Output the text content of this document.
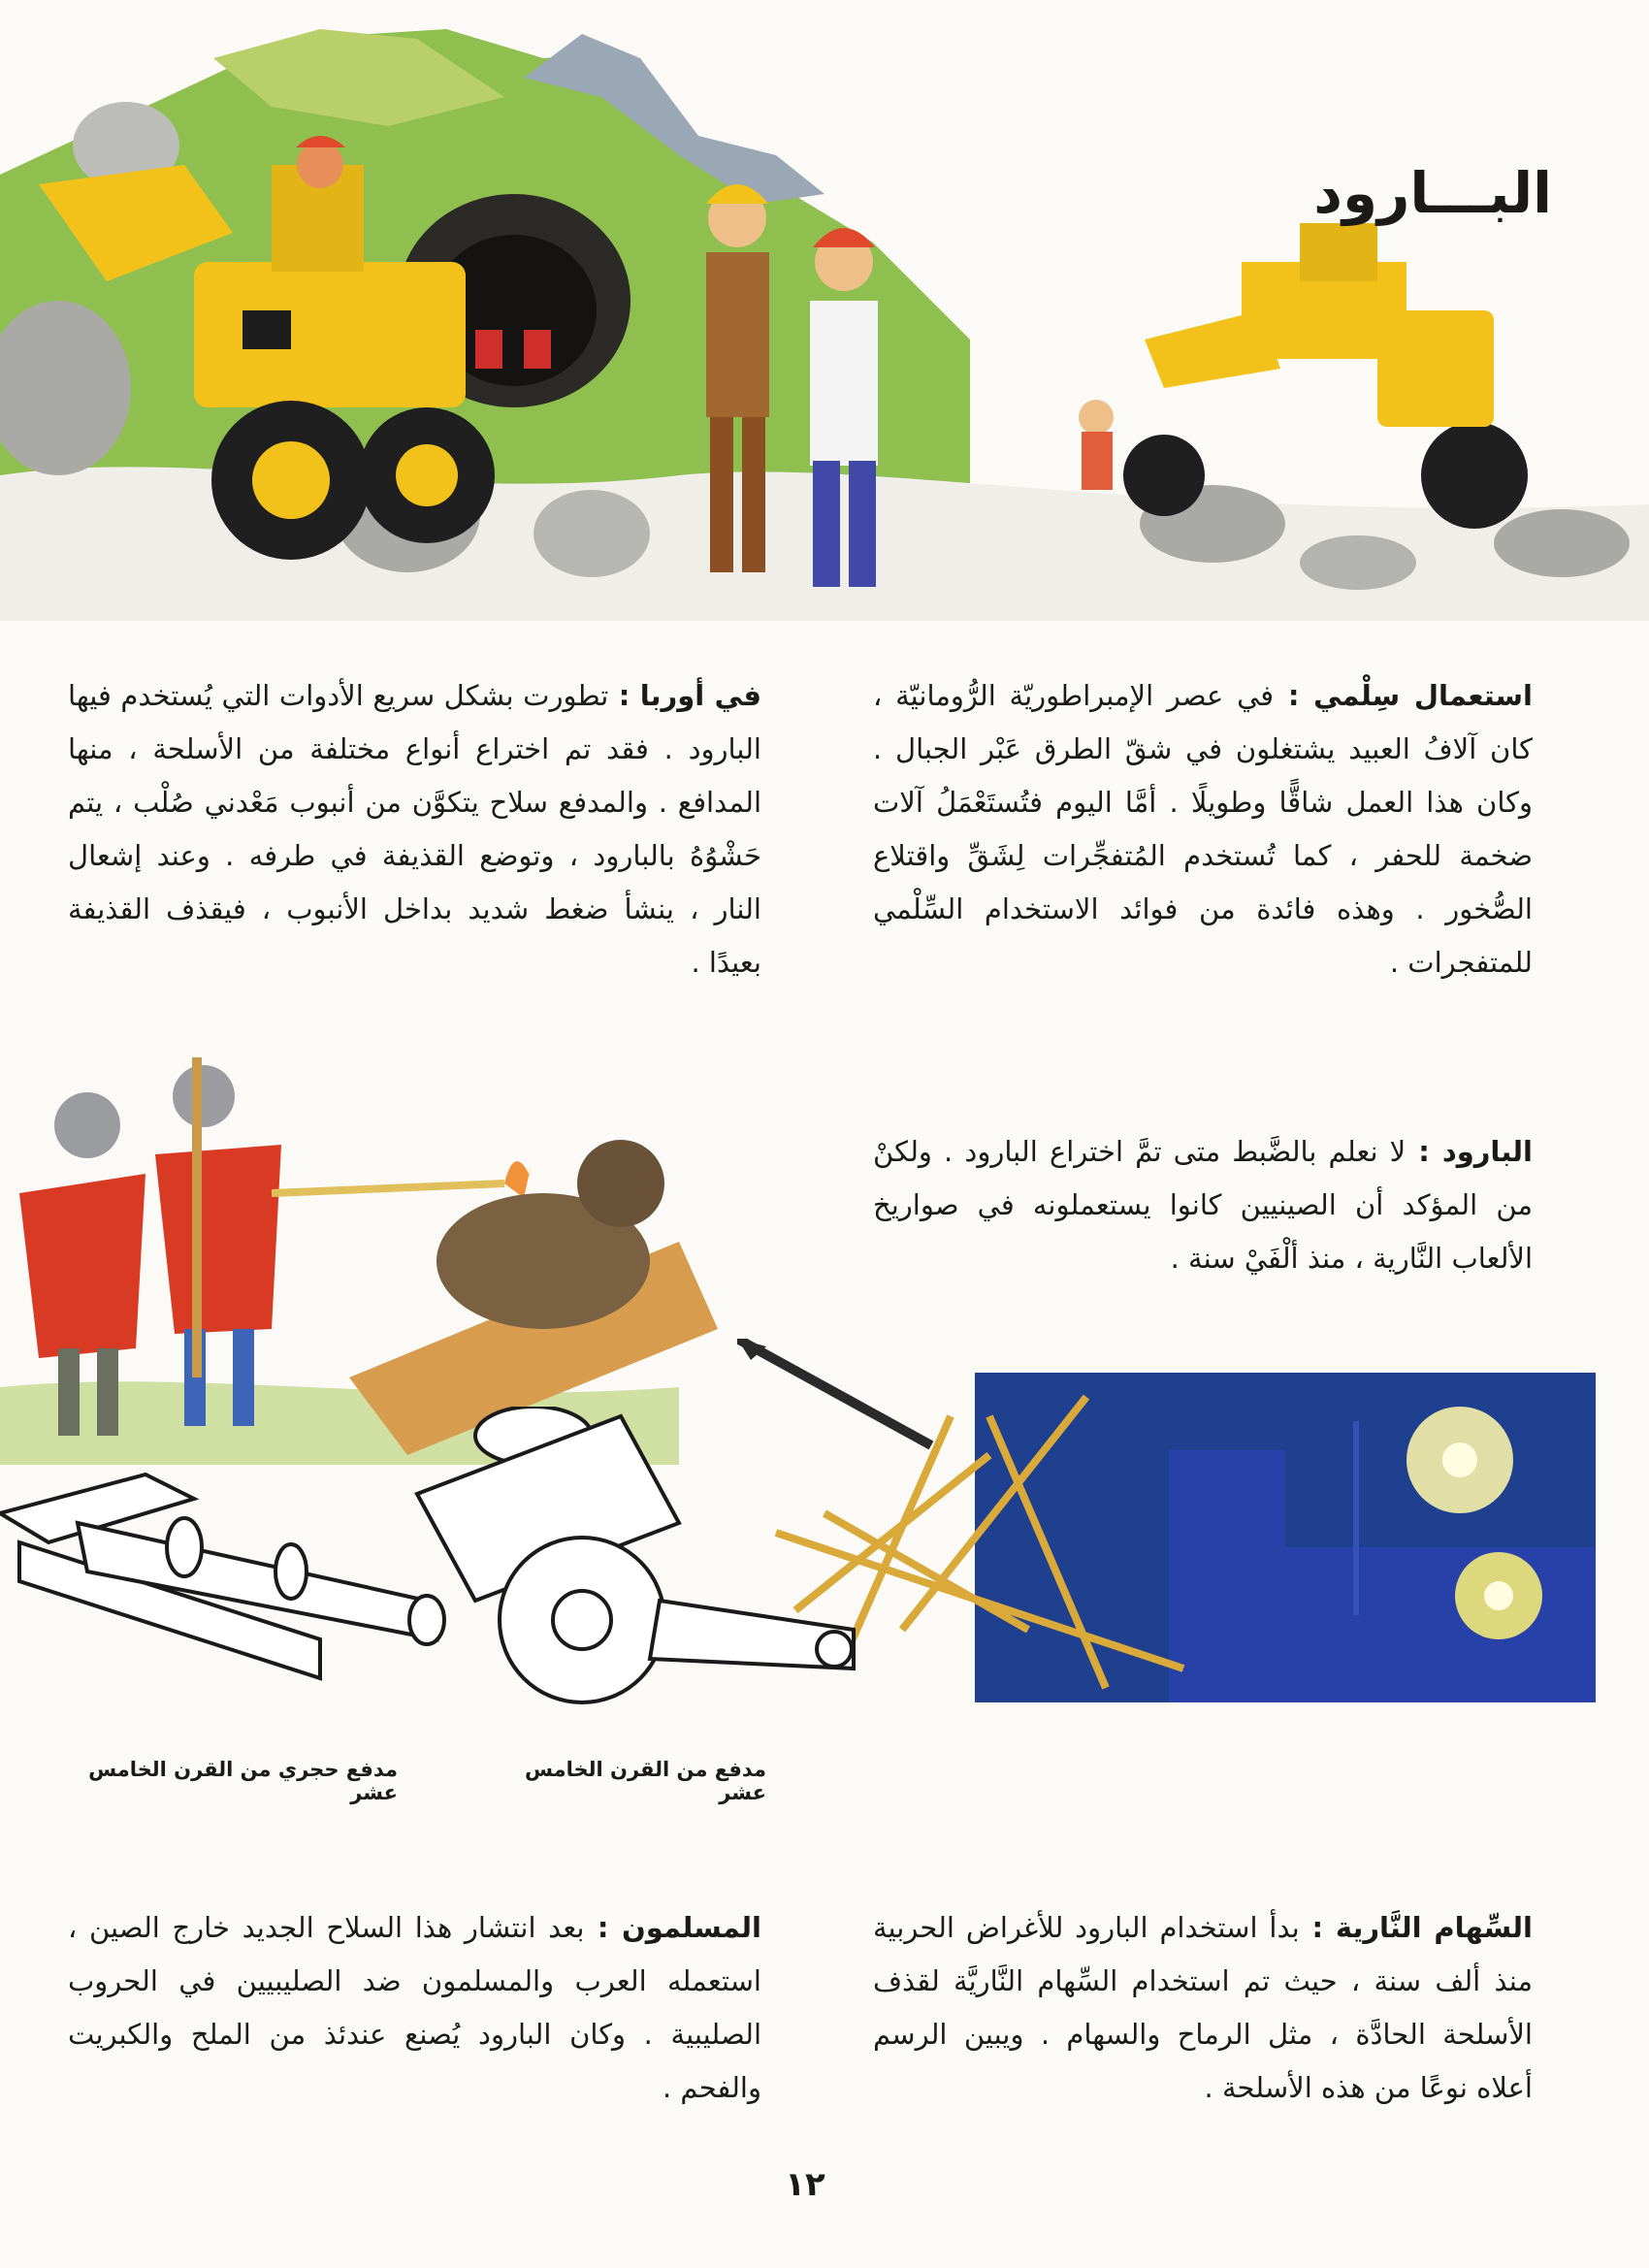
البـــارود

استعمال سِلْمي : في عصر الإمبراطوريّة الرُّومانيّة ، كان آلافُ العبيد يشتغلون في شقّ الطرق عَبْر الجبال . وكان هذا العمل شاقًّا وطويلًا . أمَّا اليوم فتُستَعْمَلُ آلات ضخمة للحفر ، كما تُستخدم المُتفجِّرات لِشَقِّ واقتلاع الصُّخور . وهذه فائدة من فوائد الاستخدام السِّلْمي للمتفجرات .

في أوربا : تطورت بشكل سريع الأدوات التي يُستخدم فيها البارود . فقد تم اختراع أنواع مختلفة من الأسلحة ، منها المدافع . والمدفع سلاح يتكوَّن من أنبوب مَعْدني صُلْب ، يتم حَشْوُهُ بالبارود ، وتوضع القذيفة في طرفه . وعند إشعال النار ، ينشأ ضغط شديد بداخل الأنبوب ، فيقذف القذيفة بعيدًا .

البارود : لا نعلم بالضَّبط متى تمَّ اختراع البارود . ولكنْ من المؤكد أن الصينيين كانوا يستعملونه في صواريخ الألعاب النَّارية ، منذ ألْفَيْ سنة .

مدفع من القرن الخامس عشر

مدفع حجري من القرن الخامس عشر

السِّهام النَّارية : بدأ استخدام البارود للأغراض الحربية منذ ألف سنة ، حيث تم استخدام السِّهام النَّاريَّة لقذف الأسلحة الحادَّة ، مثل الرماح والسهام . ويبين الرسم أعلاه نوعًا من هذه الأسلحة .

المسلمون : بعد انتشار هذا السلاح الجديد خارج الصين ، استعمله العرب والمسلمون ضد الصليبيين في الحروب الصليبية . وكان البارود يُصنع عندئذ من الملح والكبريت والفحم .

١٢
